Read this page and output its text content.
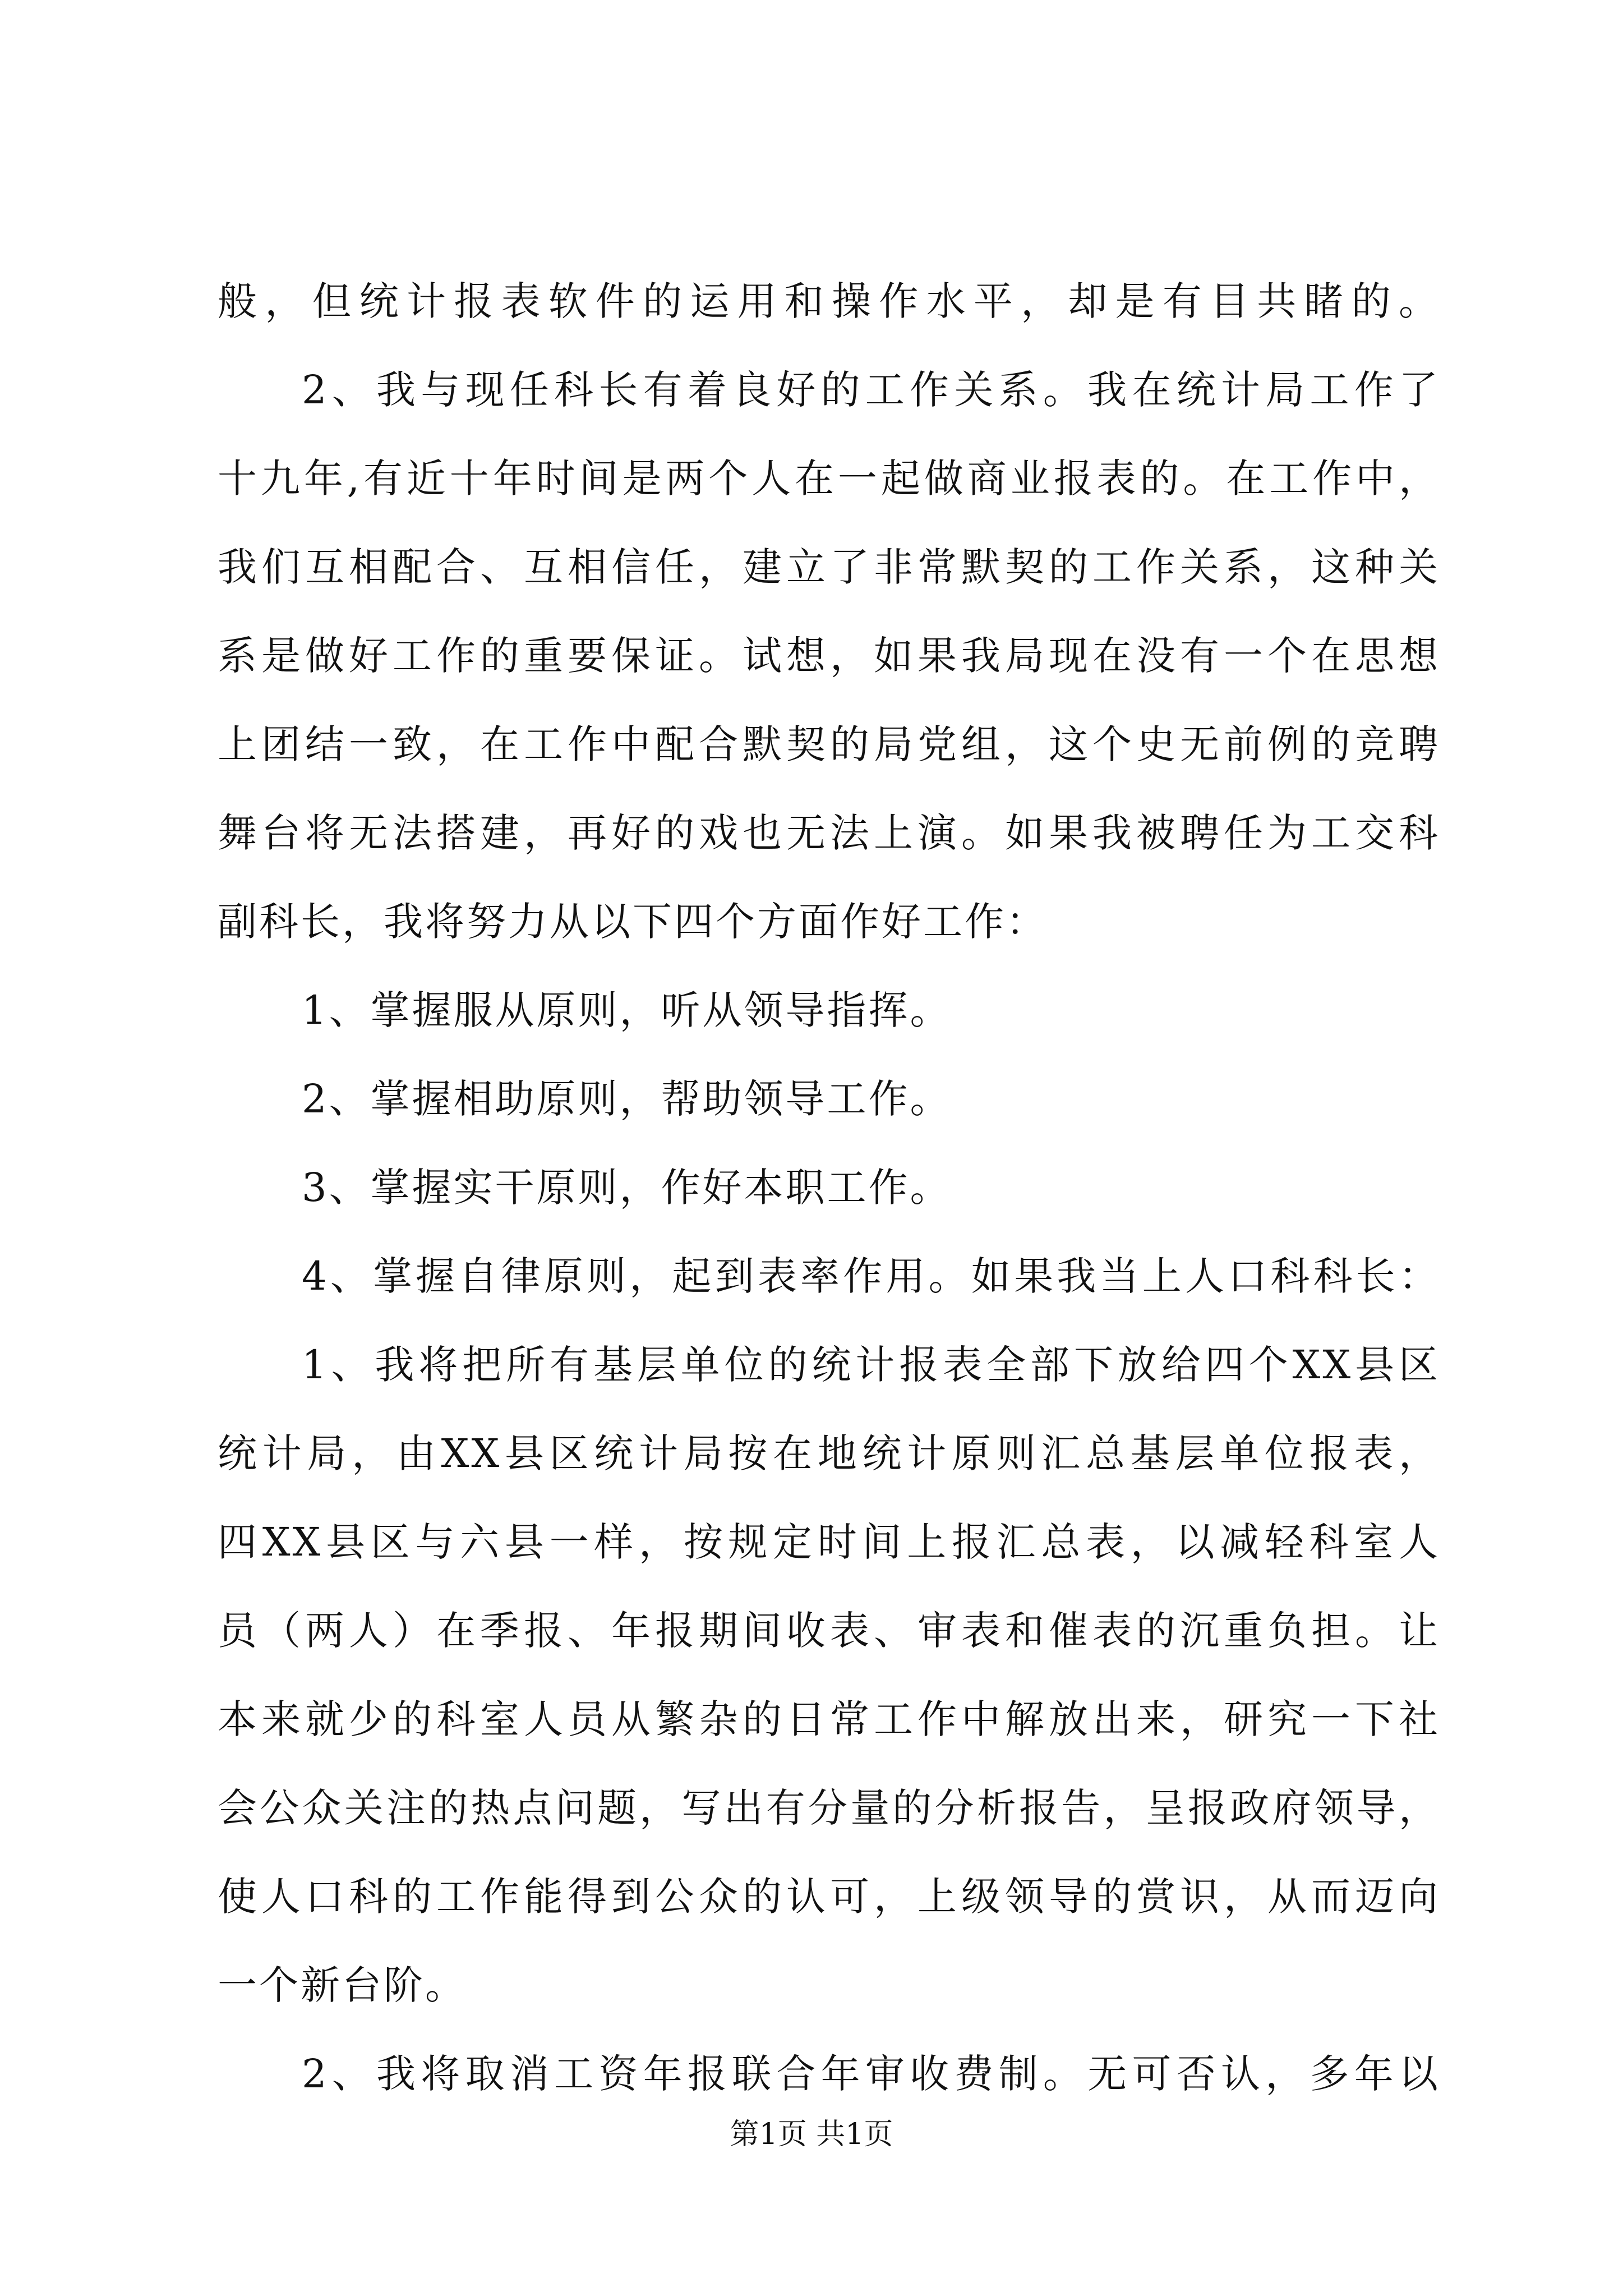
般，但统计报表软件的运用和操作水平，却是有目共睹的。
2、我与现任科长有着良好的工作关系。我在统计局工作了
十九年,有近十年时间是两个人在一起做商业报表的。在工作中，
我们互相配合、互相信任，建立了非常默契的工作关系，这种关
系是做好工作的重要保证。试想，如果我局现在没有一个在思想
上团结一致，在工作中配合默契的局党组，这个史无前例的竞聘
舞台将无法搭建，再好的戏也无法上演。如果我被聘任为工交科
副科长，我将努力从以下四个方面作好工作：
1、掌握服从原则，听从领导指挥。
2、掌握相助原则，帮助领导工作。
3、掌握实干原则，作好本职工作。
4、掌握自律原则，起到表率作用。如果我当上人口科科长：
1、我将把所有基层单位的统计报表全部下放给四个XX县区
统计局，由XX县区统计局按在地统计原则汇总基层单位报表，
四XX县区与六县一样，按规定时间上报汇总表，以减轻科室人
员（两人）在季报、年报期间收表、审表和催表的沉重负担。让
本来就少的科室人员从繁杂的日常工作中解放出来，研究一下社
会公众关注的热点问题，写出有分量的分析报告，呈报政府领导，
使人口科的工作能得到公众的认可，上级领导的赏识，从而迈向
一个新台阶。
2、我将取消工资年报联合年审收费制。无可否认，多年以
第1页 共1页
